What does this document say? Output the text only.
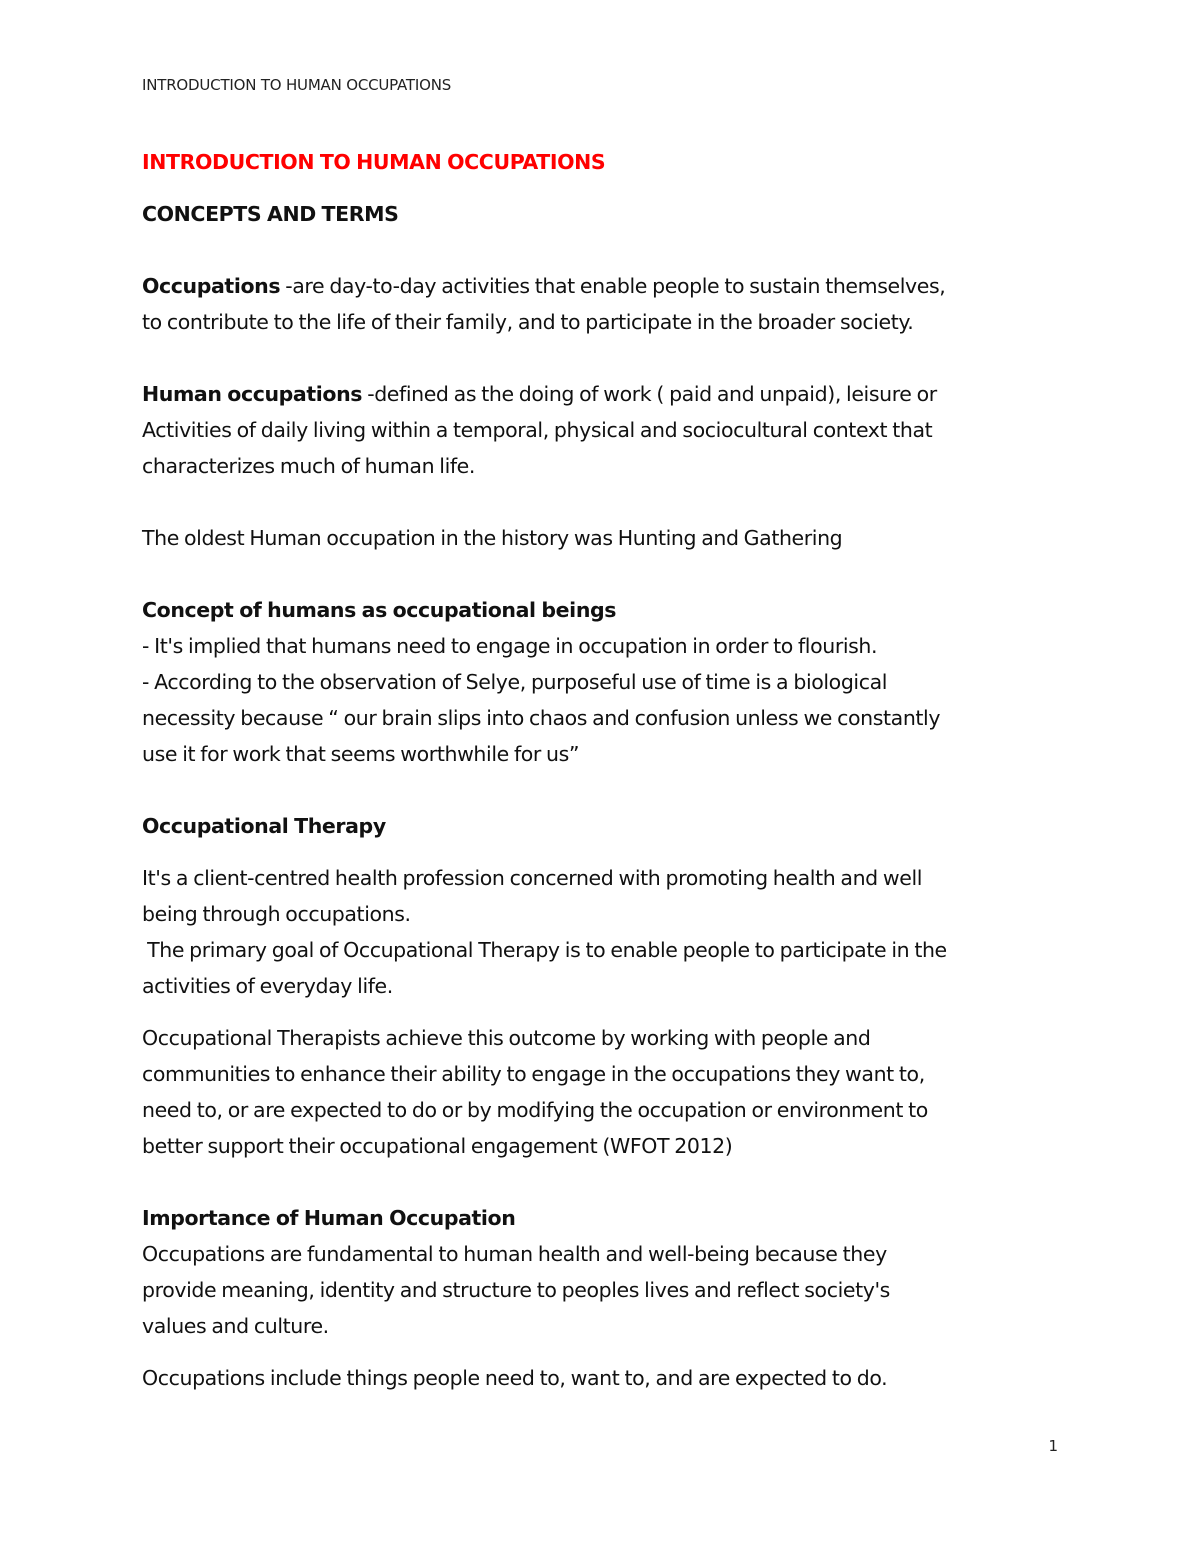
INTRODUCTION TO HUMAN OCCUPATIONS

INTRODUCTION TO HUMAN OCCUPATIONS

CONCEPTS AND TERMS

Occupations -are day-to-day activities that enable people to sustain themselves,

to contribute to the life of their family, and to participate in the broader society.

Human occupations -defined as the doing of work ( paid and unpaid), leisure or

Activities of daily living within a temporal, physical and sociocultural context that

characterizes much of human life.

The oldest Human occupation in the history was Hunting and Gathering

Concept of humans as occupational beings

- It's implied that humans need to engage in occupation in order to flourish.

- According to the observation of Selye, purposeful use of time is a biological

necessity because “ our brain slips into chaos and confusion unless we constantly

use it for work that seems worthwhile for us”

Occupational Therapy

It's a client-centred health profession concerned with promoting health and well

being through occupations.

The primary goal of Occupational Therapy is to enable people to participate in the

activities of everyday life.

Occupational Therapists achieve this outcome by working with people and

communities to enhance their ability to engage in the occupations they want to,

need to, or are expected to do or by modifying the occupation or environment to

better support their occupational engagement (WFOT 2012)

Importance of Human Occupation

Occupations are fundamental to human health and well-being because they

provide meaning, identity and structure to peoples lives and reflect society's

values and culture.

Occupations include things people need to, want to, and are expected to do.

1
